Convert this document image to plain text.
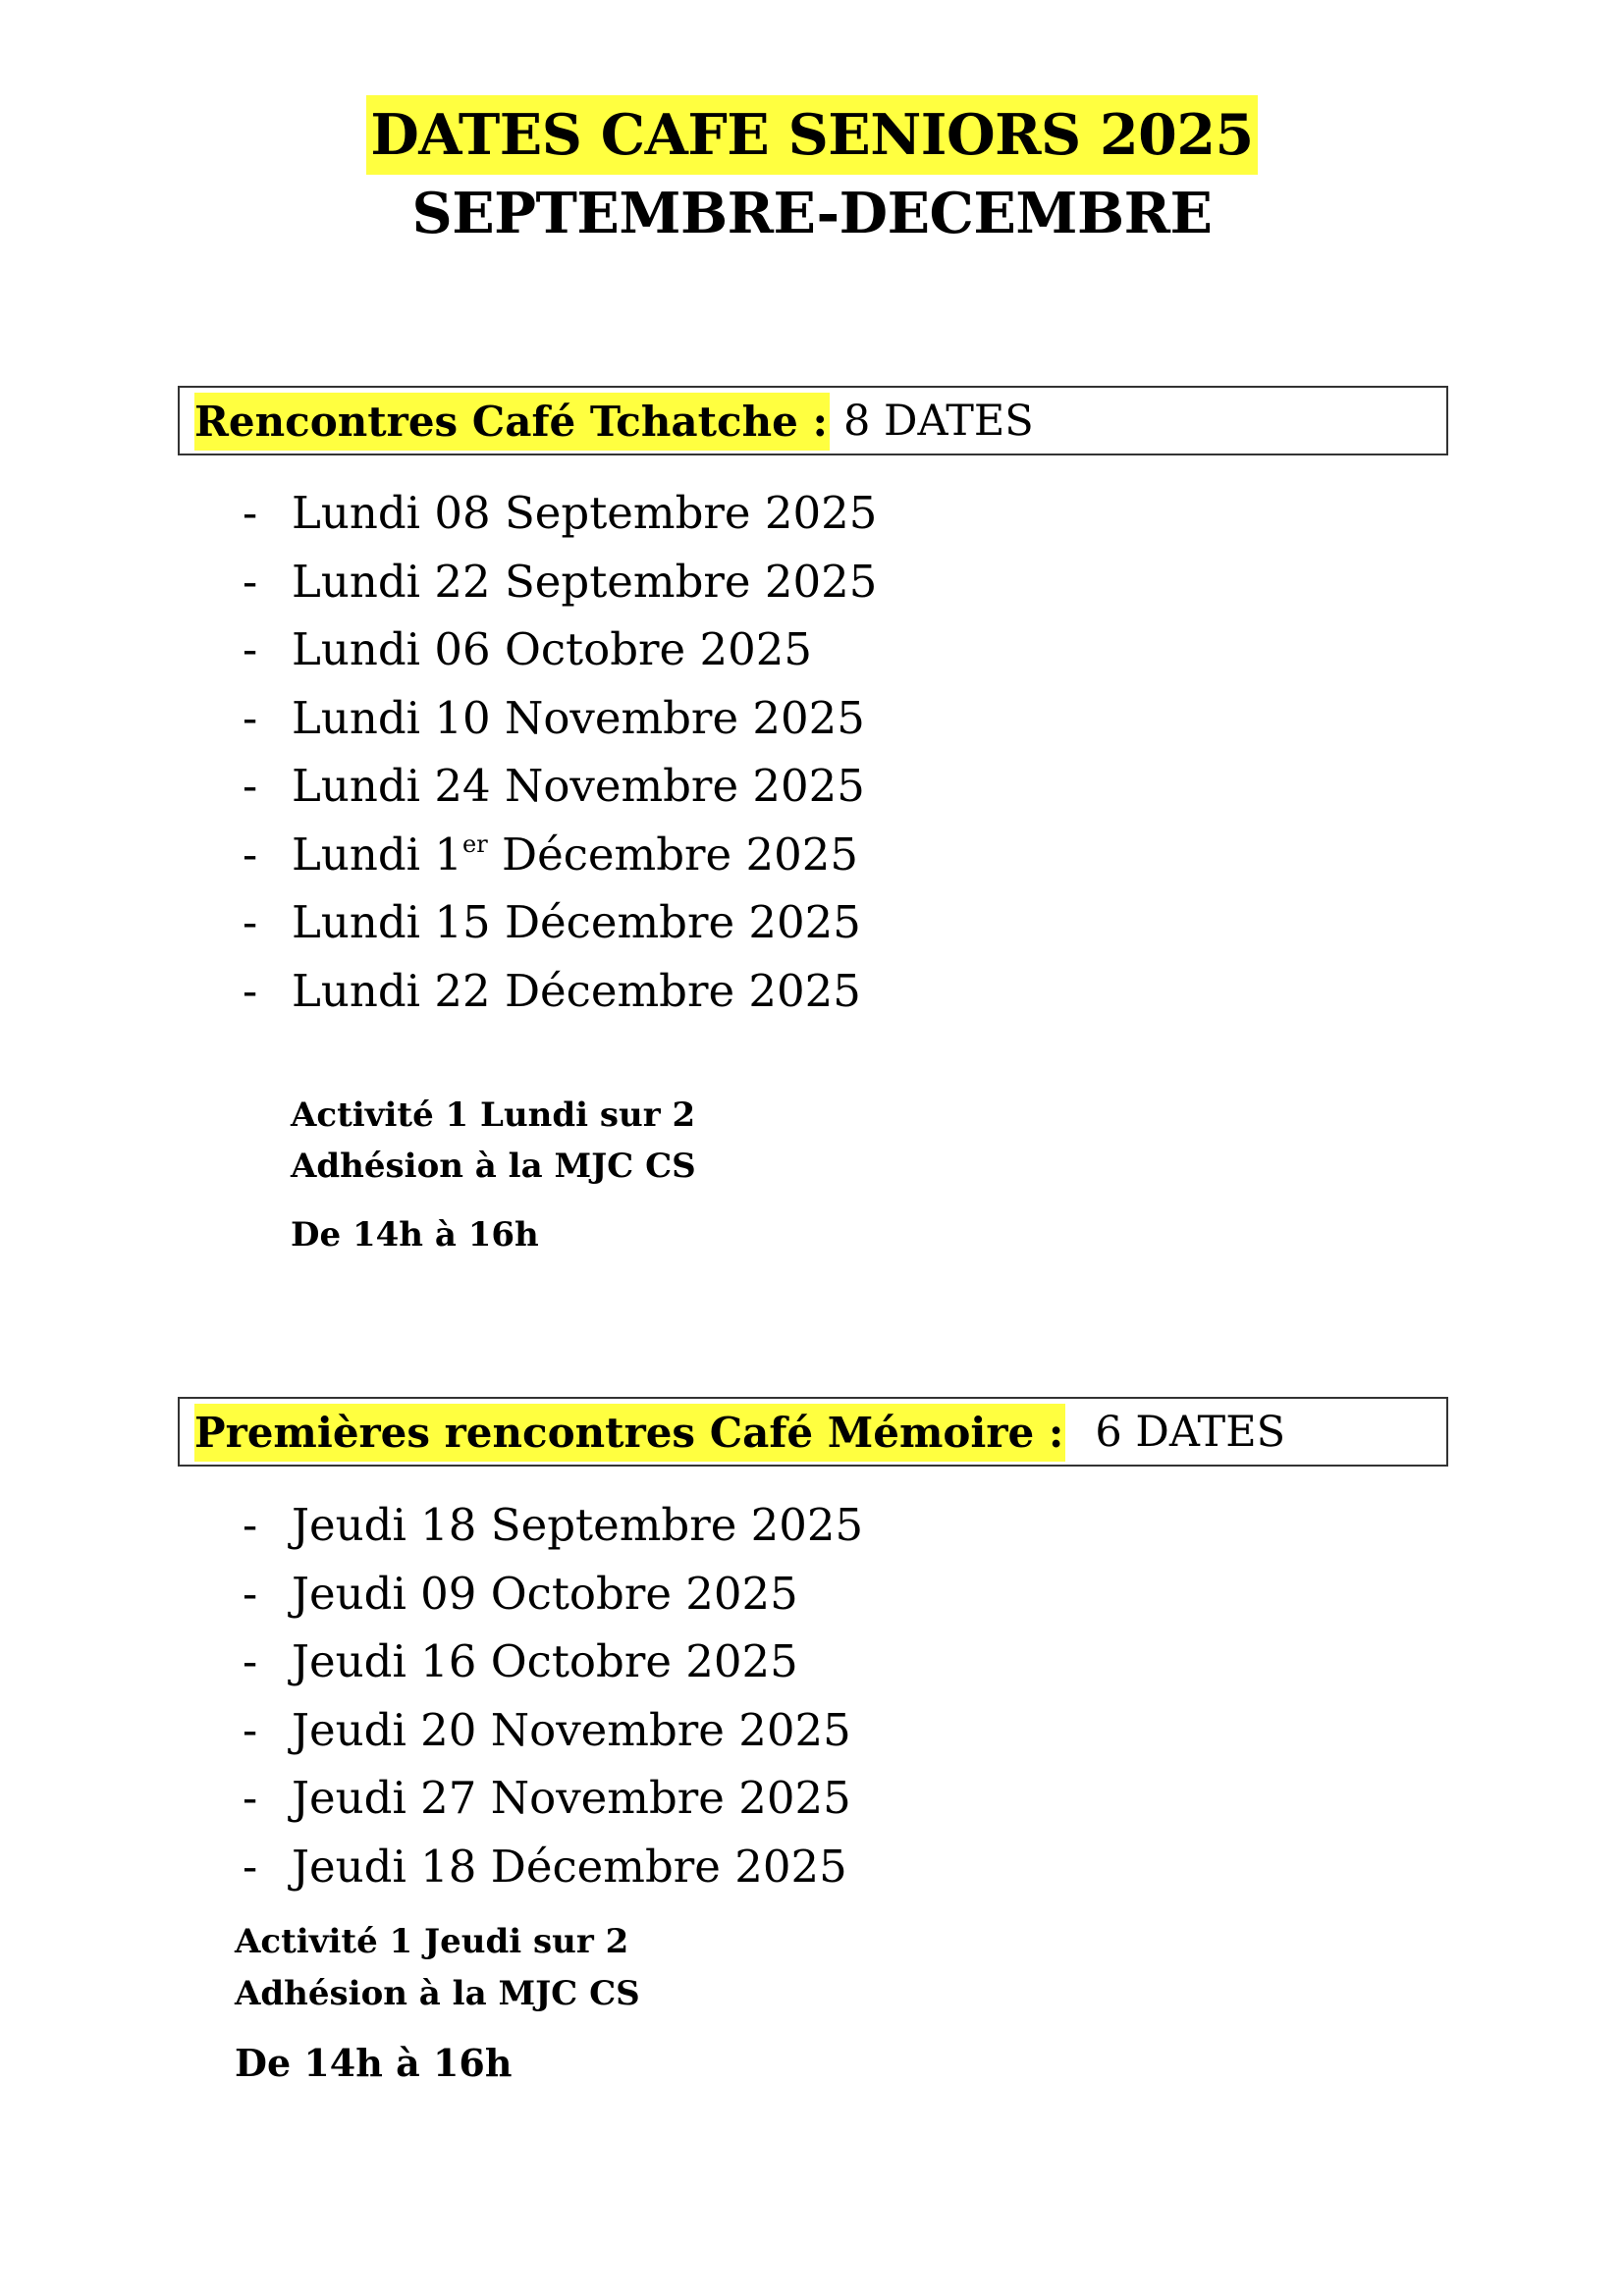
DATES CAFE SENIORS 2025
SEPTEMBRE-DECEMBRE
Rencontres Café Tchatche : 8 DATES
- Lundi 08 Septembre 2025
- Lundi 22 Septembre 2025
- Lundi 06 Octobre 2025
- Lundi 10 Novembre 2025
- Lundi 24 Novembre 2025
- Lundi 1er Décembre 2025
- Lundi 15 Décembre 2025
- Lundi 22 Décembre 2025
Activité 1 Lundi sur 2
Adhésion à la MJC CS
De 14h à 16h
Premières rencontres Café Mémoire : 6 DATES
- Jeudi 18 Septembre 2025
- Jeudi 09 Octobre 2025
- Jeudi 16 Octobre 2025
- Jeudi 20 Novembre 2025
- Jeudi 27 Novembre 2025
- Jeudi 18 Décembre 2025
Activité 1 Jeudi sur 2
Adhésion à la MJC CS
De 14h à 16h
